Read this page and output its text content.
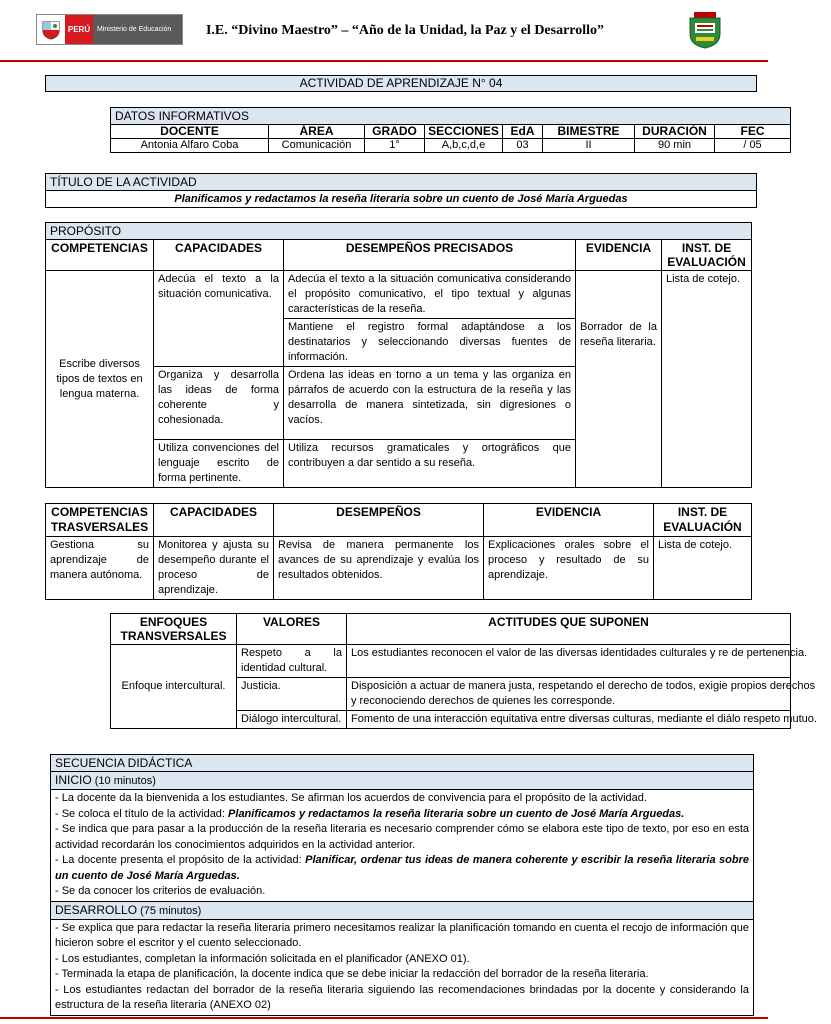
PERÚ Ministerio de Educación	I.E. “Divino Maestro” – “Año de la Unidad, la Paz y el Desarrollo”
ACTIVIDAD DE APRENDIZAJE N° 04
DATOS INFORMATIVOS							
DOCENTE	ÁREA	GRADO	SECCIONES	EdA	BIMESTRE	DURACIÓN	FEC
Antonia Alfaro Coba	Comunicación	1°	A,b,c,d,e	03	II	90 min	/ 05
TÍTULO DE LA ACTIVIDAD
Planificamos y redactamos la reseña literaria sobre un cuento de José María Arguedas
PROPÓSITO				
COMPETENCIAS	CAPACIDADES	DESEMPEÑOS PRECISADOS	EVIDENCIA	INST. DE EVALUACIÓN
Escribe diversos tipos de textos en lengua materna.	Adecúa el texto a la situación comunicativa.	Adecúa el texto a la situación comunicativa considerando el propósito comunicativo, el tipo textual y algunas características de la reseña.	Borrador de la reseña literaria.	Lista de cotejo.
		Mantiene el registro formal adaptándose a los destinatarios y seleccionando diversas fuentes de información.		
	Organiza y desarrolla las ideas de forma coherente y cohesionada.	Ordena las ideas en torno a un tema y las organiza en párrafos de acuerdo con la estructura de la reseña y las desarrolla de manera sintetizada, sin digresiones o vacíos.		
	Utiliza convenciones del lenguaje escrito de forma pertinente.	Utiliza recursos gramaticales y ortográficos que contribuyen a dar sentido a su reseña.		
COMPETENCIAS TRASVERSALES	CAPACIDADES	DESEMPEÑOS	EVIDENCIA	INST. DE EVALUACIÓN
Gestiona su aprendizaje de manera autónoma.	Monitorea y ajusta su desempeño durante el proceso de aprendizaje.	Revisa de manera permanente los avances de su aprendizaje y evalúa los resultados obtenidos.	Explicaciones orales sobre el proceso y resultado de su aprendizaje.	Lista de cotejo.
ENFOQUES TRANSVERSALES	VALORES	ACTITUDES QUE SUPONEN
Enfoque intercultural.	Respeto a la identidad cultural.	Los estudiantes reconocen el valor de las diversas identidades culturales y re de pertenencia.

	Justicia.	Disposición a actuar de manera justa, respetando el derecho de todos, exigie propios derechos y reconociendo derechos de quienes les corresponde.

	Diálogo intercultural.	Fomento de una interacción equitativa entre diversas culturas, mediante el diálo respeto mutuo.
SECUENCIA DIDÁCTICA
INICIO (10 minutos)

- La docente da la bienvenida a los estudiantes. Se afirman los acuerdos de convivencia para el propósito de la actividad.
- Se coloca el título de la actividad: Planificamos y redactamos la reseña literaria sobre un cuento de José María Arguedas.
- Se indica que para pasar a la producción de la reseña literaria es necesario comprender cómo se elabora este tipo de texto, por eso en esta actividad recordarán los conocimientos adquiridos en la actividad anterior.
- La docente presenta el propósito de la actividad: Planificar, ordenar tus ideas de manera coherente y escribir la reseña literaria sobre un cuento de José María Arguedas.
- Se da conocer los criterios de evaluación.

DESARROLLO (75 minutos)

- Se explica que para redactar la reseña literaria primero necesitamos realizar la planificación tomando en cuenta el recojo de información que hicieron sobre el escritor y el cuento seleccionado.
- Los estudiantes, completan la información solicitada en el planificador (ANEXO 01).
- Terminada la etapa de planificación, la docente indica que se debe iniciar la redacción del borrador de la reseña literaria.
- Los estudiantes redactan del borrador de la reseña literaria siguiendo las recomendaciones brindadas por la docente y considerando la estructura de la reseña literaria (ANEXO 02)
